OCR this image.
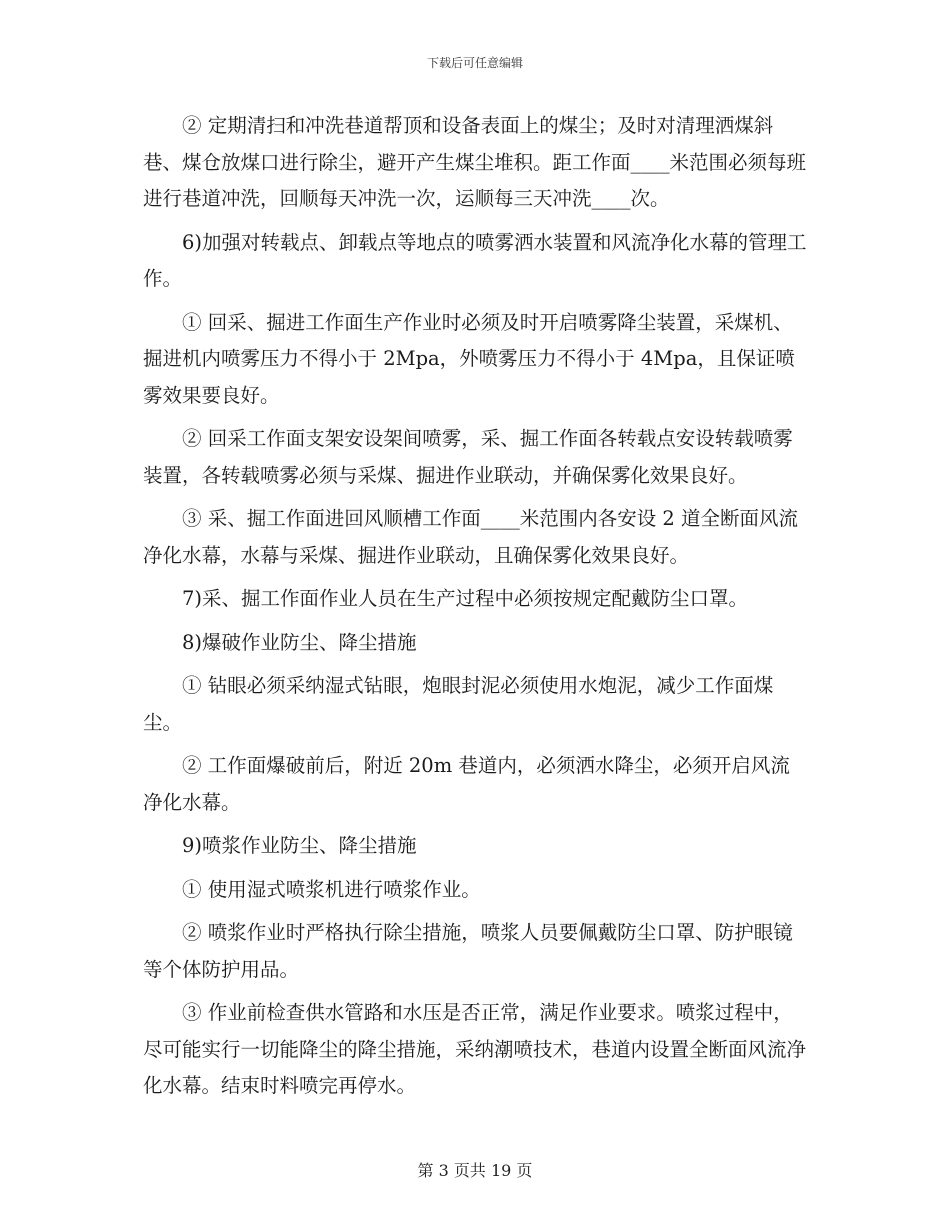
下载后可任意编辑

② 定期清扫和冲洗巷道帮顶和设备表面上的煤尘；及时对清理洒煤斜巷、煤仓放煤口进行除尘，避开产生煤尘堆积。距工作面____米范围必须每班进行巷道冲洗，回顺每天冲洗一次，运顺每三天冲洗____次。

6)加强对转载点、卸载点等地点的喷雾洒水装置和风流净化水幕的管理工作。

① 回采、掘进工作面生产作业时必须及时开启喷雾降尘装置，采煤机、掘进机内喷雾压力不得小于 2Mpa，外喷雾压力不得小于 4Mpa，且保证喷雾效果要良好。

② 回采工作面支架安设架间喷雾，采、掘工作面各转载点安设转载喷雾装置，各转载喷雾必须与采煤、掘进作业联动，并确保雾化效果良好。

③ 采、掘工作面进回风顺槽工作面____米范围内各安设 2 道全断面风流净化水幕，水幕与采煤、掘进作业联动，且确保雾化效果良好。

7)采、掘工作面作业人员在生产过程中必须按规定配戴防尘口罩。

8)爆破作业防尘、降尘措施

① 钻眼必须采纳湿式钻眼，炮眼封泥必须使用水炮泥，减少工作面煤尘。

② 工作面爆破前后，附近 20m 巷道内，必须洒水降尘，必须开启风流净化水幕。

9)喷浆作业防尘、降尘措施

① 使用湿式喷浆机进行喷浆作业。

② 喷浆作业时严格执行除尘措施，喷浆人员要佩戴防尘口罩、防护眼镜等个体防护用品。

③ 作业前检查供水管路和水压是否正常，满足作业要求。喷浆过程中，尽可能实行一切能降尘的降尘措施，采纳潮喷技术，巷道内设置全断面风流净化水幕。结束时料喷完再停水。

第 3 页共 19 页
